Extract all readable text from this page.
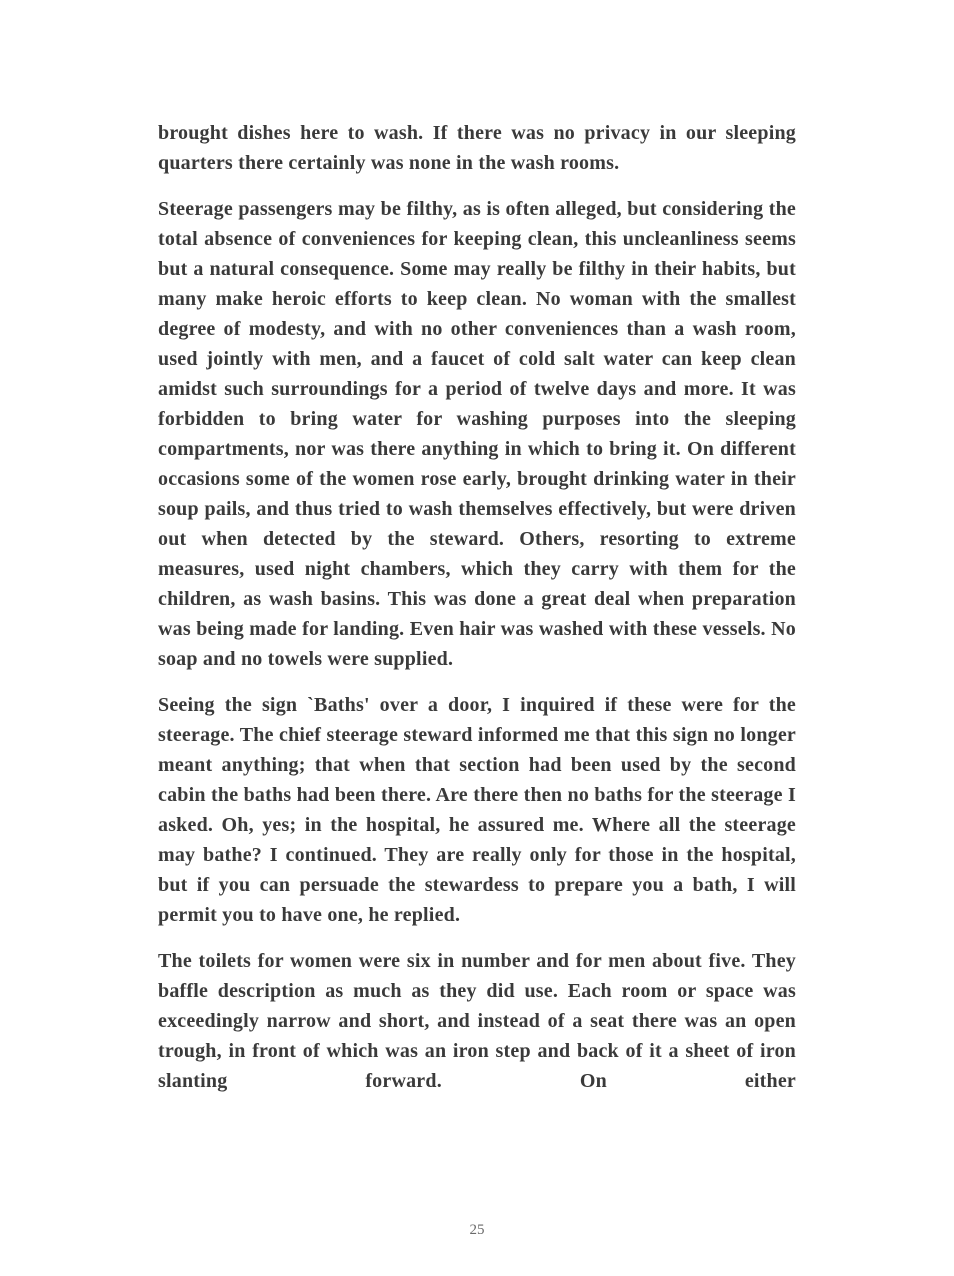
brought dishes here to wash. If there was no privacy in our sleeping quarters there certainly was none in the wash rooms.

Steerage passengers may be filthy, as is often alleged, but considering the total absence of conveniences for keeping clean, this uncleanliness seems but a natural consequence. Some may really be filthy in their habits, but many make heroic efforts to keep clean. No woman with the smallest degree of modesty, and with no other conveniences than a wash room, used jointly with men, and a faucet of cold salt water can keep clean amidst such surroundings for a period of twelve days and more. It was forbidden to bring water for washing purposes into the sleeping compartments, nor was there anything in which to bring it. On different occasions some of the women rose early, brought drinking water in their soup pails, and thus tried to wash themselves effectively, but were driven out when detected by the steward. Others, resorting to extreme measures, used night chambers, which they carry with them for the children, as wash basins. This was done a great deal when preparation was being made for landing. Even hair was washed with these vessels. No soap and no towels were supplied.

Seeing the sign `Baths' over a door, I inquired if these were for the steerage. The chief steerage steward informed me that this sign no longer meant anything; that when that section had been used by the second cabin the baths had been there. Are there then no baths for the steerage I asked. Oh, yes; in the hospital, he assured me. Where all the steerage may bathe? I continued. They are really only for those in the hospital, but if you can persuade the stewardess to prepare you a bath, I will permit you to have one, he replied.

The toilets for women were six in number and for men about five. They baffle description as much as they did use. Each room or space was exceedingly narrow and short, and instead of a seat there was an open trough, in front of which was an iron step and back of it a sheet of iron slanting forward. On either

25
